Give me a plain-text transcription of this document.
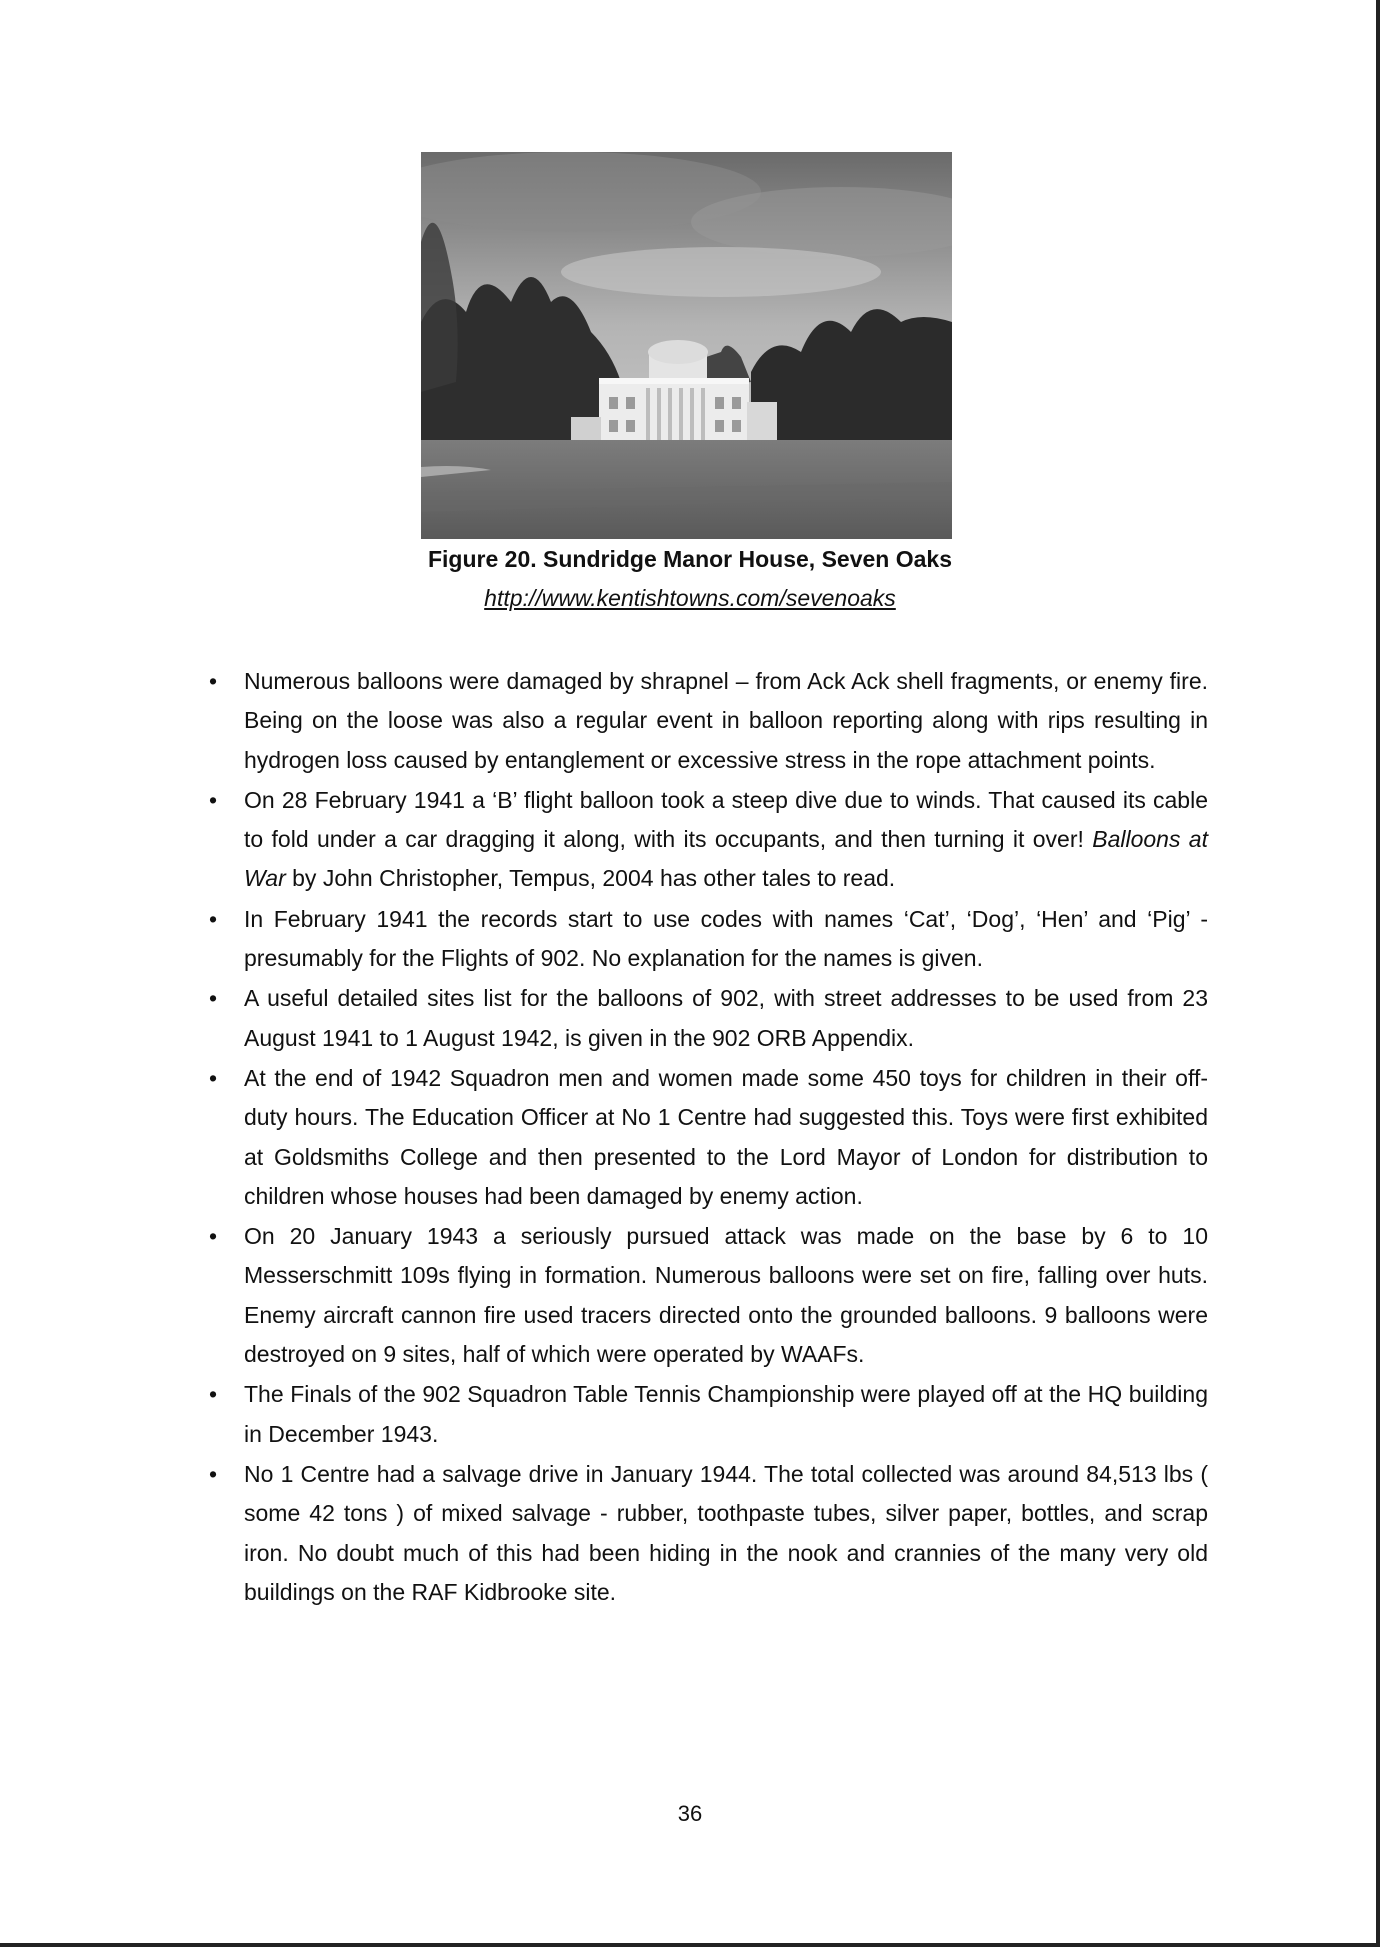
Figure 20. Sundridge Manor House, Seven Oaks
http://www.kentishtowns.com/sevenoaks
• Numerous balloons were damaged by shrapnel – from Ack Ack shell fragments, or enemy fire. Being on the loose was also a regular event in balloon reporting along with rips resulting in hydrogen loss caused by entanglement or excessive stress in the rope attachment points.
• On 28 February 1941 a ‘B’ flight balloon took a steep dive due to winds. That caused its cable to fold under a car dragging it along, with its occupants, and then turning it over! Balloons at War by John Christopher, Tempus, 2004 has other tales to read.
• In February 1941 the records start to use codes with names ‘Cat’, ‘Dog’, ‘Hen’ and ‘Pig’ - presumably for the Flights of 902. No explanation for the names is given.
• A useful detailed sites list for the balloons of 902, with street addresses to be used from 23 August 1941 to 1 August 1942, is given in the 902 ORB Appendix.
• At the end of 1942 Squadron men and women made some 450 toys for children in their off-duty hours. The Education Officer at No 1 Centre had suggested this. Toys were first exhibited at Goldsmiths College and then presented to the Lord Mayor of London for distribution to children whose houses had been damaged by enemy action.
• On 20 January 1943 a seriously pursued attack was made on the base by 6 to 10 Messerschmitt 109s flying in formation. Numerous balloons were set on fire, falling over huts. Enemy aircraft cannon fire used tracers directed onto the grounded balloons. 9 balloons were destroyed on 9 sites, half of which were operated by WAAFs.
• The Finals of the 902 Squadron Table Tennis Championship were played off at the HQ building in December 1943.
• No 1 Centre had a salvage drive in January 1944. The total collected was around 84,513 lbs ( some 42 tons ) of mixed salvage - rubber, toothpaste tubes, silver paper, bottles, and scrap iron. No doubt much of this had been hiding in the nook and crannies of the many very old buildings on the RAF Kidbrooke site.
36
